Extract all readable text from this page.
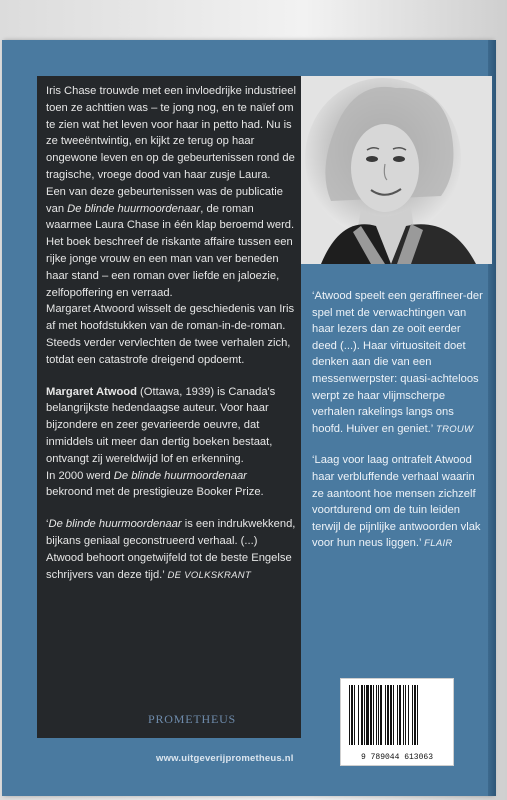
Iris Chase trouwde met een invloedrijke industrieel toen ze achttien was – te jong nog, en te naïef om te zien wat het leven voor haar in petto had. Nu is ze tweeëntwintig, en kijkt ze terug op haar ongewone leven en op de gebeurtenissen rond de tragische, vroege dood van haar zusje Laura.

Een van deze gebeurtenissen was de publicatie van De blinde huurmoordenaar, de roman waarmee Laura Chase in één klap beroemd werd. Het boek beschreef de riskante affaire tussen een rijke jonge vrouw en een man van ver beneden haar stand – een roman over liefde en jaloezie, zelfopoffering en verraad.

Margaret Atwoord wisselt de geschiedenis van Iris af met hoofdstukken van de roman-in-de-roman. Steeds verder vervlechten de twee verhalen zich, totdat een catastrofe dreigend opdoemt.

Margaret Atwood (Ottawa, 1939) is Canada's belangrijkste hedendaagse auteur. Voor haar bijzondere en zeer gevarieerde oeuvre, dat inmiddels uit meer dan dertig boeken bestaat, ontvangt zij wereldwijd lof en erkenning.

In 2000 werd De blinde huurmoordenaar bekroond met de prestigieuze Booker Prize.

‘De blinde huurmoordenaar is een indrukwekkend, bijkans geniaal geconstrueerd verhaal. (...) Atwood behoort ongetwijfeld tot de beste Engelse schrijvers van deze tijd.’ DE VOLKSKRANT

PROMETHEUS

‘Atwood speelt een geraffineer-der spel met de verwachtingen van haar lezers dan ze ooit eerder deed (...). Haar virtuositeit doet denken aan die van een messenwerpster: quasi-achteloos werpt ze haar vlijmscherpe verhalen rakelings langs ons hoofd. Huiver en geniet.’ TROUW

‘Laag voor laag ontrafelt Atwood haar verbluffende verhaal waarin ze aantoont hoe mensen zichzelf voortdurend om de tuin leiden terwijl de pijnlijke antwoorden vlak voor hun neus liggen.’ FLAIR

9 789044 613063
www.uitgeverijprometheus.nl
